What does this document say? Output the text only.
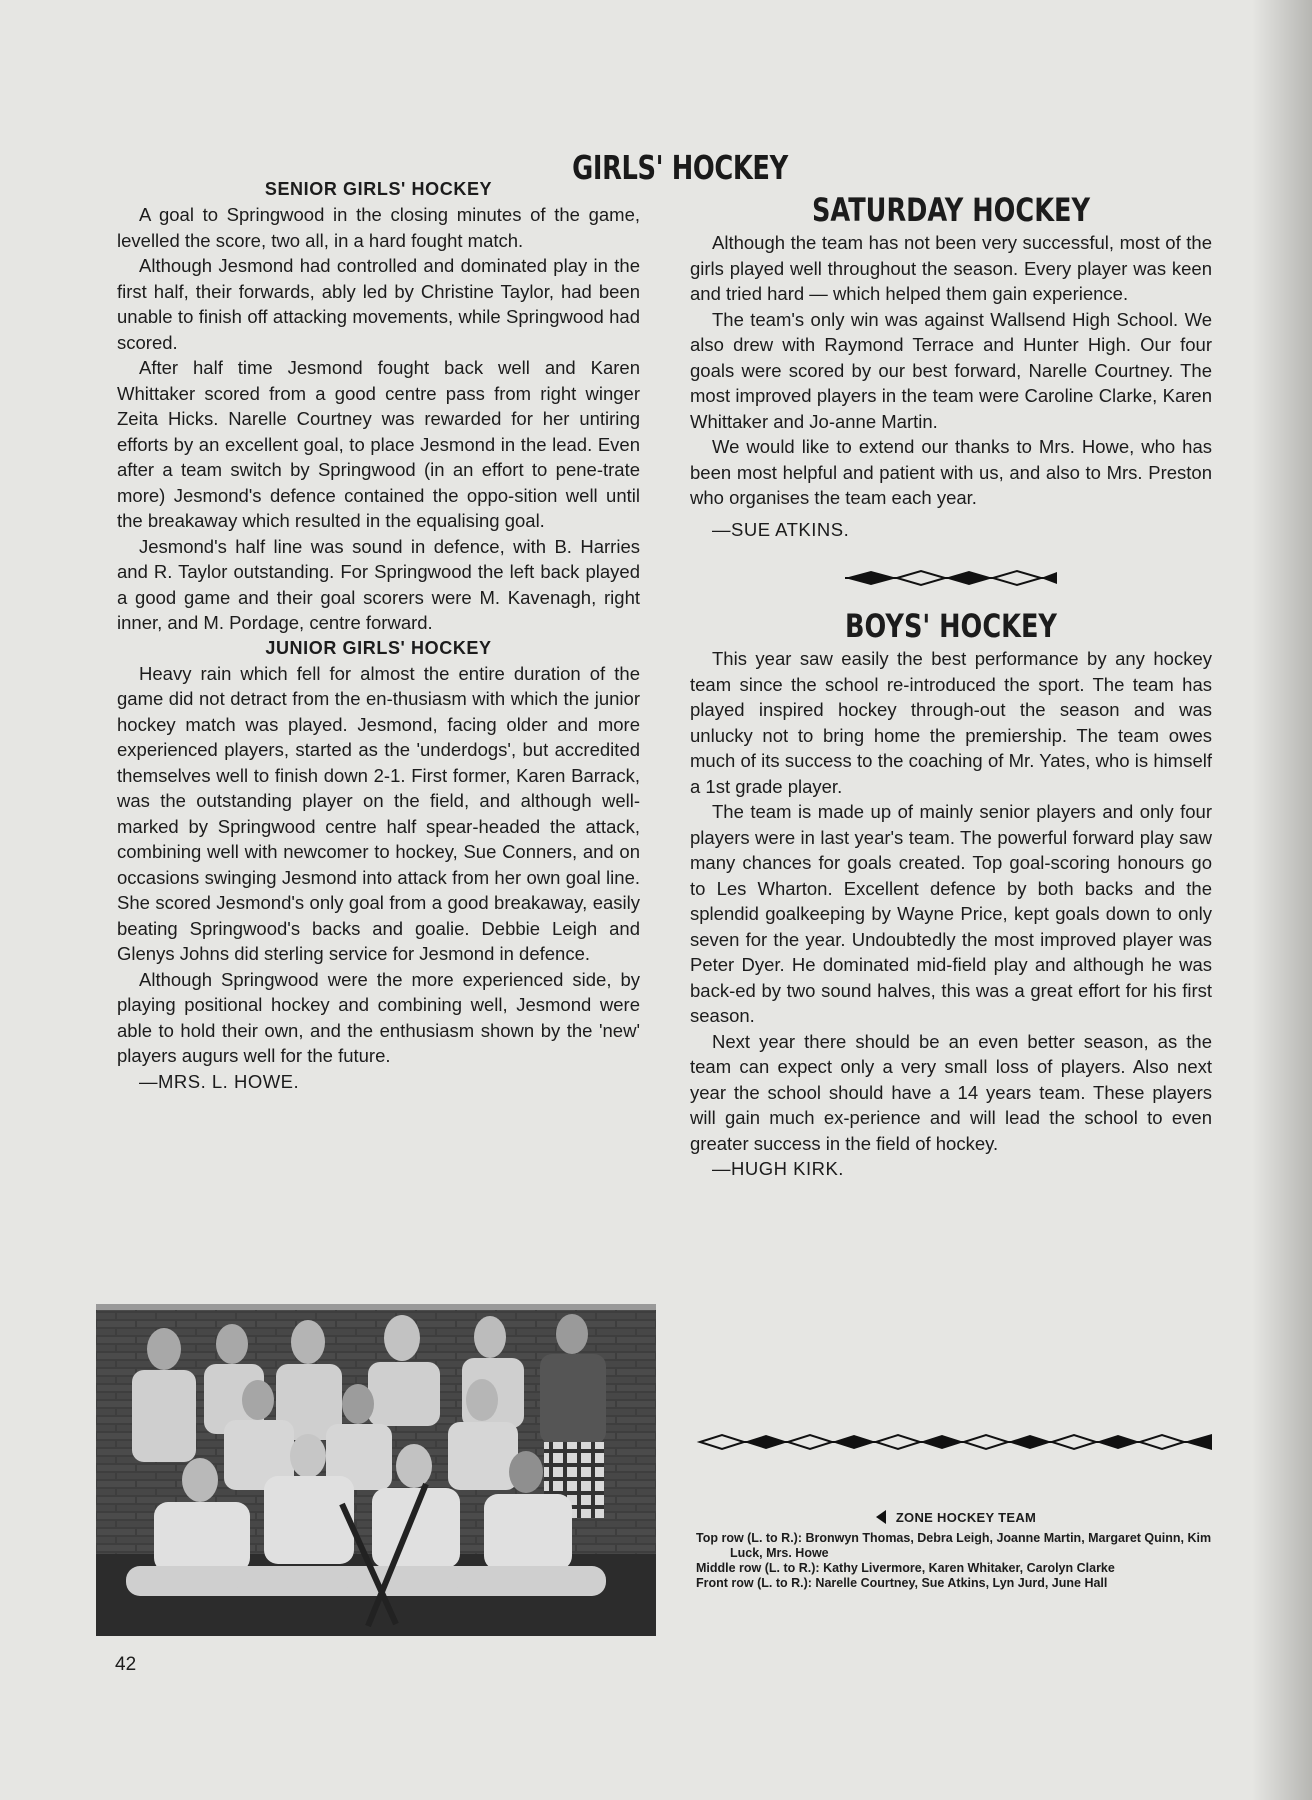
GIRLS' HOCKEY
SENIOR GIRLS' HOCKEY

A goal to Springwood in the closing minutes of the game, levelled the score, two all, in a hard fought match.

Although Jesmond had controlled and dominated play in the first half, their forwards, ably led by Christine Taylor, had been unable to finish off attacking movements, while Springwood had scored.

After half time Jesmond fought back well and Karen Whittaker scored from a good centre pass from right winger Zeita Hicks. Narelle Courtney was rewarded for her untiring efforts by an excellent goal, to place Jesmond in the lead. Even after a team switch by Springwood (in an effort to pene-trate more) Jesmond's defence contained the oppo-sition well until the breakaway which resulted in the equalising goal.

Jesmond's half line was sound in defence, with B. Harries and R. Taylor outstanding. For Springwood the left back played a good game and their goal scorers were M. Kavenagh, right inner, and M. Pordage, centre forward.

JUNIOR GIRLS' HOCKEY

Heavy rain which fell for almost the entire duration of the game did not detract from the en-thusiasm with which the junior hockey match was played. Jesmond, facing older and more experienced players, started as the 'underdogs', but accredited themselves well to finish down 2-1. First former, Karen Barrack, was the outstanding player on the field, and although well-marked by Springwood centre half spear-headed the attack, combining well with newcomer to hockey, Sue Conners, and on occasions swinging Jesmond into attack from her own goal line. She scored Jesmond's only goal from a good breakaway, easily beating Springwood's backs and goalie. Debbie Leigh and Glenys Johns did sterling service for Jesmond in defence.

Although Springwood were the more experienced side, by playing positional hockey and combining well, Jesmond were able to hold their own, and the enthusiasm shown by the 'new' players augurs well for the future.

—MRS. L. HOWE.

SATURDAY HOCKEY

Although the team has not been very successful, most of the girls played well throughout the season. Every player was keen and tried hard — which helped them gain experience.

The team's only win was against Wallsend High School. We also drew with Raymond Terrace and Hunter High. Our four goals were scored by our best forward, Narelle Courtney. The most improved players in the team were Caroline Clarke, Karen Whittaker and Jo-anne Martin.

We would like to extend our thanks to Mrs. Howe, who has been most helpful and patient with us, and also to Mrs. Preston who organises the team each year.

—SUE ATKINS.

BOYS' HOCKEY

This year saw easily the best performance by any hockey team since the school re-introduced the sport. The team has played inspired hockey through-out the season and was unlucky not to bring home the premiership. The team owes much of its success to the coaching of Mr. Yates, who is himself a 1st grade player.

The team is made up of mainly senior players and only four players were in last year's team. The powerful forward play saw many chances for goals created. Top goal-scoring honours go to Les Wharton. Excellent defence by both backs and the splendid goalkeeping by Wayne Price, kept goals down to only seven for the year. Undoubtedly the most improved player was Peter Dyer. He dominated mid-field play and although he was back-ed by two sound halves, this was a great effort for his first season.

Next year there should be an even better season, as the team can expect only a very small loss of players. Also next year the school should have a 14 years team. These players will gain much ex-perience and will lead the school to even greater success in the field of hockey.

—HUGH KIRK.

ZONE HOCKEY TEAM

Top row (L. to R.): Bronwyn Thomas, Debra Leigh, Joanne Martin, Margaret Quinn, Kim Luck, Mrs. Howe

Middle row (L. to R.): Kathy Livermore, Karen Whitaker, Carolyn Clarke

Front row (L. to R.): Narelle Courtney, Sue Atkins, Lyn Jurd, June Hall

42
